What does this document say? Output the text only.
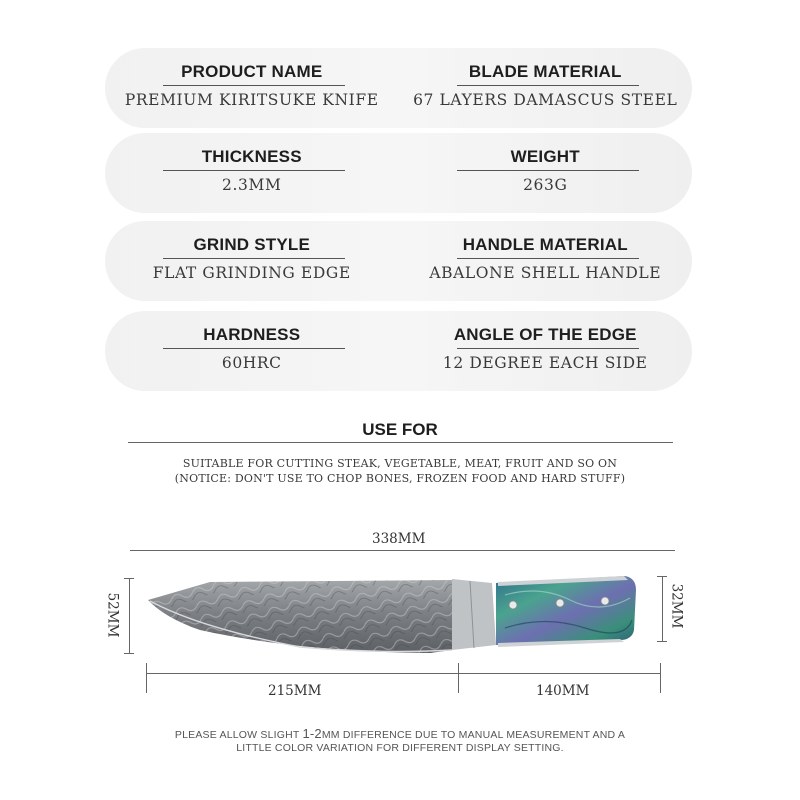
PRODUCT NAME
PREMIUM KIRITSUKE KNIFE
BLADE MATERIAL
67 LAYERS DAMASCUS STEEL
THICKNESS
2.3MM
WEIGHT
263G
GRIND STYLE
FLAT GRINDING EDGE
HANDLE MATERIAL
ABALONE SHELL HANDLE
HARDNESS
60HRC
ANGLE OF THE EDGE
12 DEGREE EACH SIDE
USE FOR
SUITABLE FOR CUTTING STEAK, VEGETABLE, MEAT, FRUIT AND SO ON
(NOTICE: DON'T USE TO CHOP BONES, FROZEN FOOD AND HARD STUFF)
338MM
52MM	32MM
215MM	140MM
PLEASE ALLOW SLIGHT 1-2MM DIFFERENCE DUE TO MANUAL MEASUREMENT AND A
LITTLE COLOR VARIATION FOR DIFFERENT DISPLAY SETTING.
